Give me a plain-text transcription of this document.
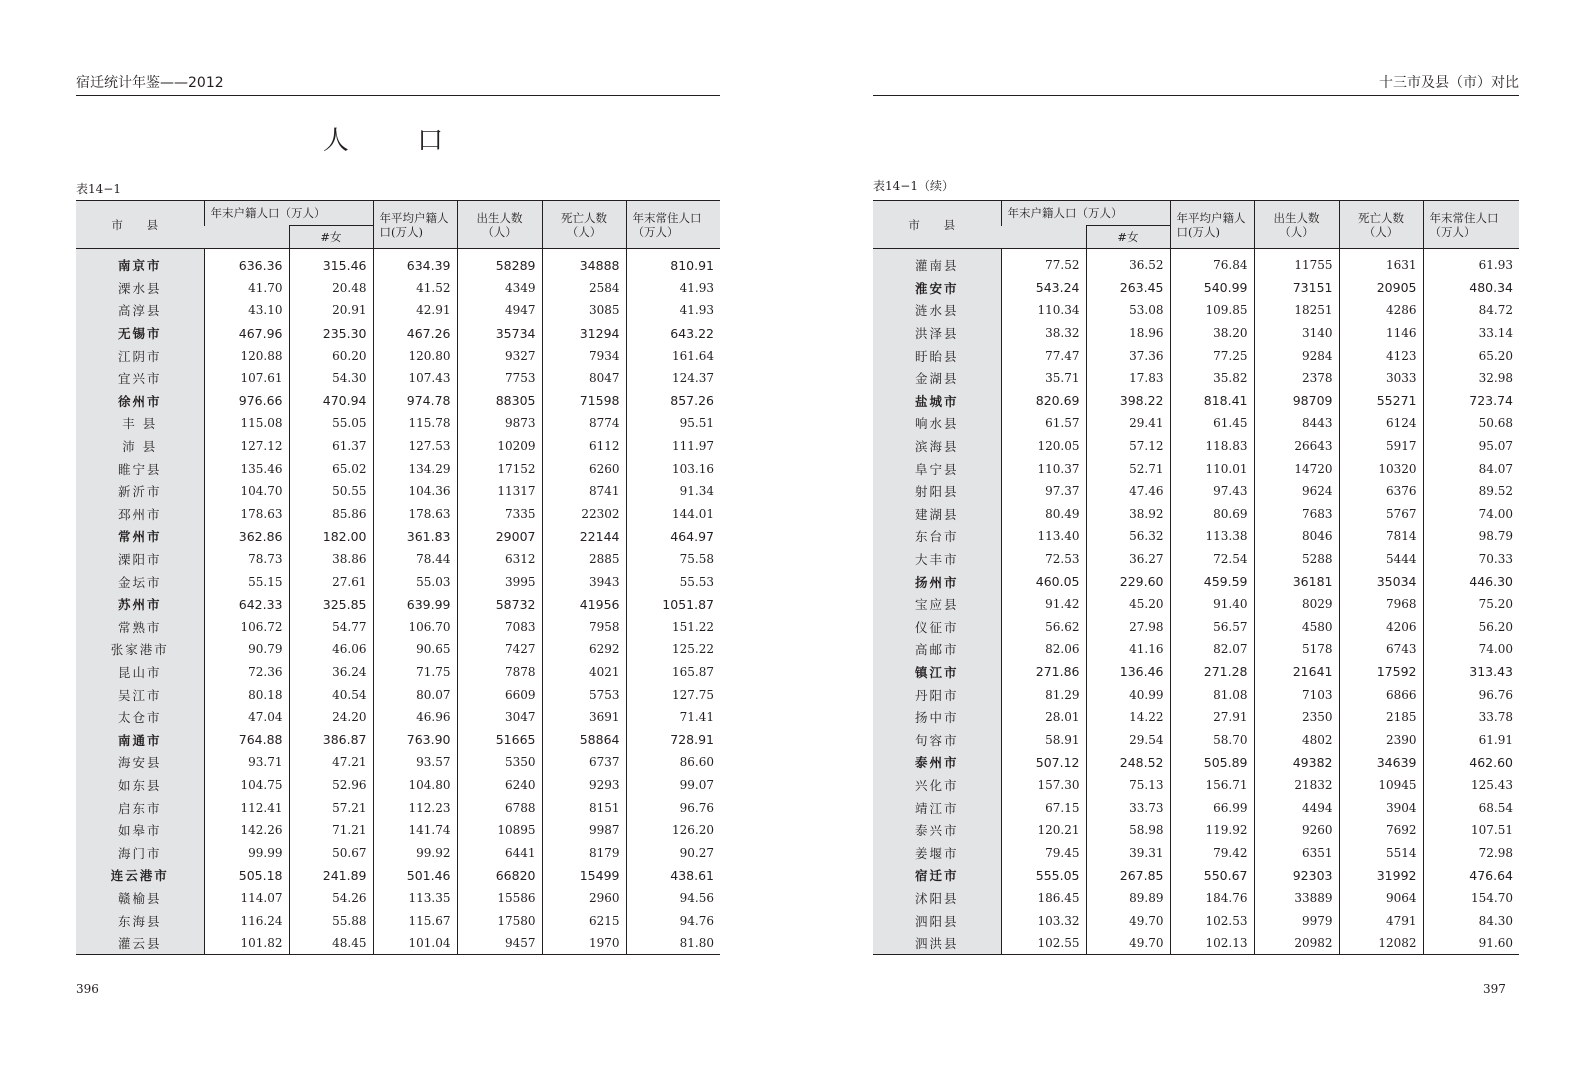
宿迁统计年鉴——2012
人 口
表14−1
市 县	年末户籍人口（万人）		年平均户籍人口(万人)	出生人数（人）	死亡人数（人）	年末常住人口（万人）
		#女				

南京市	636.36	315.46	634.39	58289	34888	810.91
溧水县	41.70	20.48	41.52	4349	2584	41.93
高淳县	43.10	20.91	42.91	4947	3085	41.93
无锡市	467.96	235.30	467.26	35734	31294	643.22
江阴市	120.88	60.20	120.80	9327	7934	161.64
宜兴市	107.61	54.30	107.43	7753	8047	124.37
徐州市	976.66	470.94	974.78	88305	71598	857.26
丰 县	115.08	55.05	115.78	9873	8774	95.51
沛 县	127.12	61.37	127.53	10209	6112	111.97
睢宁县	135.46	65.02	134.29	17152	6260	103.16
新沂市	104.70	50.55	104.36	11317	8741	91.34
邳州市	178.63	85.86	178.63	7335	22302	144.01
常州市	362.86	182.00	361.83	29007	22144	464.97
溧阳市	78.73	38.86	78.44	6312	2885	75.58
金坛市	55.15	27.61	55.03	3995	3943	55.53
苏州市	642.33	325.85	639.99	58732	41956	1051.87
常熟市	106.72	54.77	106.70	7083	7958	151.22
张家港市	90.79	46.06	90.65	7427	6292	125.22
昆山市	72.36	36.24	71.75	7878	4021	165.87
吴江市	80.18	40.54	80.07	6609	5753	127.75
太仓市	47.04	24.20	46.96	3047	3691	71.41
南通市	764.88	386.87	763.90	51665	58864	728.91
海安县	93.71	47.21	93.57	5350	6737	86.60
如东县	104.75	52.96	104.80	6240	9293	99.07
启东市	112.41	57.21	112.23	6788	8151	96.76
如皋市	142.26	71.21	141.74	10895	9987	126.20
海门市	99.99	50.67	99.92	6441	8179	90.27
连云港市	505.18	241.89	501.46	66820	15499	438.61
赣榆县	114.07	54.26	113.35	15586	2960	94.56
东海县	116.24	55.88	115.67	17580	6215	94.76
灌云县	101.82	48.45	101.04	9457	1970	81.80
396
十三市及县（市）对比
表14−1（续）
市 县	年末户籍人口（万人）		年平均户籍人口(万人)	出生人数（人）	死亡人数（人）	年末常住人口（万人）
		#女				

灌南县	77.52	36.52	76.84	11755	1631	61.93
淮安市	543.24	263.45	540.99	73151	20905	480.34
涟水县	110.34	53.08	109.85	18251	4286	84.72
洪泽县	38.32	18.96	38.20	3140	1146	33.14
盱眙县	77.47	37.36	77.25	9284	4123	65.20
金湖县	35.71	17.83	35.82	2378	3033	32.98
盐城市	820.69	398.22	818.41	98709	55271	723.74
响水县	61.57	29.41	61.45	8443	6124	50.68
滨海县	120.05	57.12	118.83	26643	5917	95.07
阜宁县	110.37	52.71	110.01	14720	10320	84.07
射阳县	97.37	47.46	97.43	9624	6376	89.52
建湖县	80.49	38.92	80.69	7683	5767	74.00
东台市	113.40	56.32	113.38	8046	7814	98.79
大丰市	72.53	36.27	72.54	5288	5444	70.33
扬州市	460.05	229.60	459.59	36181	35034	446.30
宝应县	91.42	45.20	91.40	8029	7968	75.20
仪征市	56.62	27.98	56.57	4580	4206	56.20
高邮市	82.06	41.16	82.07	5178	6743	74.00
镇江市	271.86	136.46	271.28	21641	17592	313.43
丹阳市	81.29	40.99	81.08	7103	6866	96.76
扬中市	28.01	14.22	27.91	2350	2185	33.78
句容市	58.91	29.54	58.70	4802	2390	61.91
泰州市	507.12	248.52	505.89	49382	34639	462.60
兴化市	157.30	75.13	156.71	21832	10945	125.43
靖江市	67.15	33.73	66.99	4494	3904	68.54
泰兴市	120.21	58.98	119.92	9260	7692	107.51
姜堰市	79.45	39.31	79.42	6351	5514	72.98
宿迁市	555.05	267.85	550.67	92303	31992	476.64
沭阳县	186.45	89.89	184.76	33889	9064	154.70
泗阳县	103.32	49.70	102.53	9979	4791	84.30
泗洪县	102.55	49.70	102.13	20982	12082	91.60
397
